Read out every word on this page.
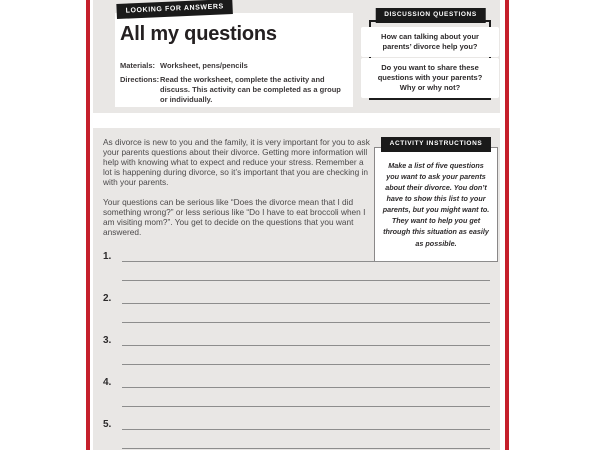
LOOKING FOR ANSWERS
All my questions
Materials: Worksheet, pens/pencils
Directions: Read the worksheet, complete the activity and discuss. This activity can be completed as a group or individually.
DISCUSSION QUESTIONS
How can talking about your parents’ divorce help you?
Do you want to share these questions with your parents? Why or why not?

As divorce is new to you and the family, it is very important for you to ask your parents questions about their divorce. Getting more information will help with knowing what to expect and reduce your stress. Remember a lot is happening during divorce, so it’s important that you are checking in with your parents.

Your questions can be serious like “Does the divorce mean that I did something wrong?” or less serious like “Do I have to eat broccoli when I am visiting mom?”. You get to decide on the questions that you want answered.

ACTIVITY INSTRUCTIONS
Make a list of five questions you want to ask your parents about their divorce. You don’t have to show this list to your parents, but you might want to. They want to help you get through this situation as easily as possible.
1.
2.
3.
4.
5.
